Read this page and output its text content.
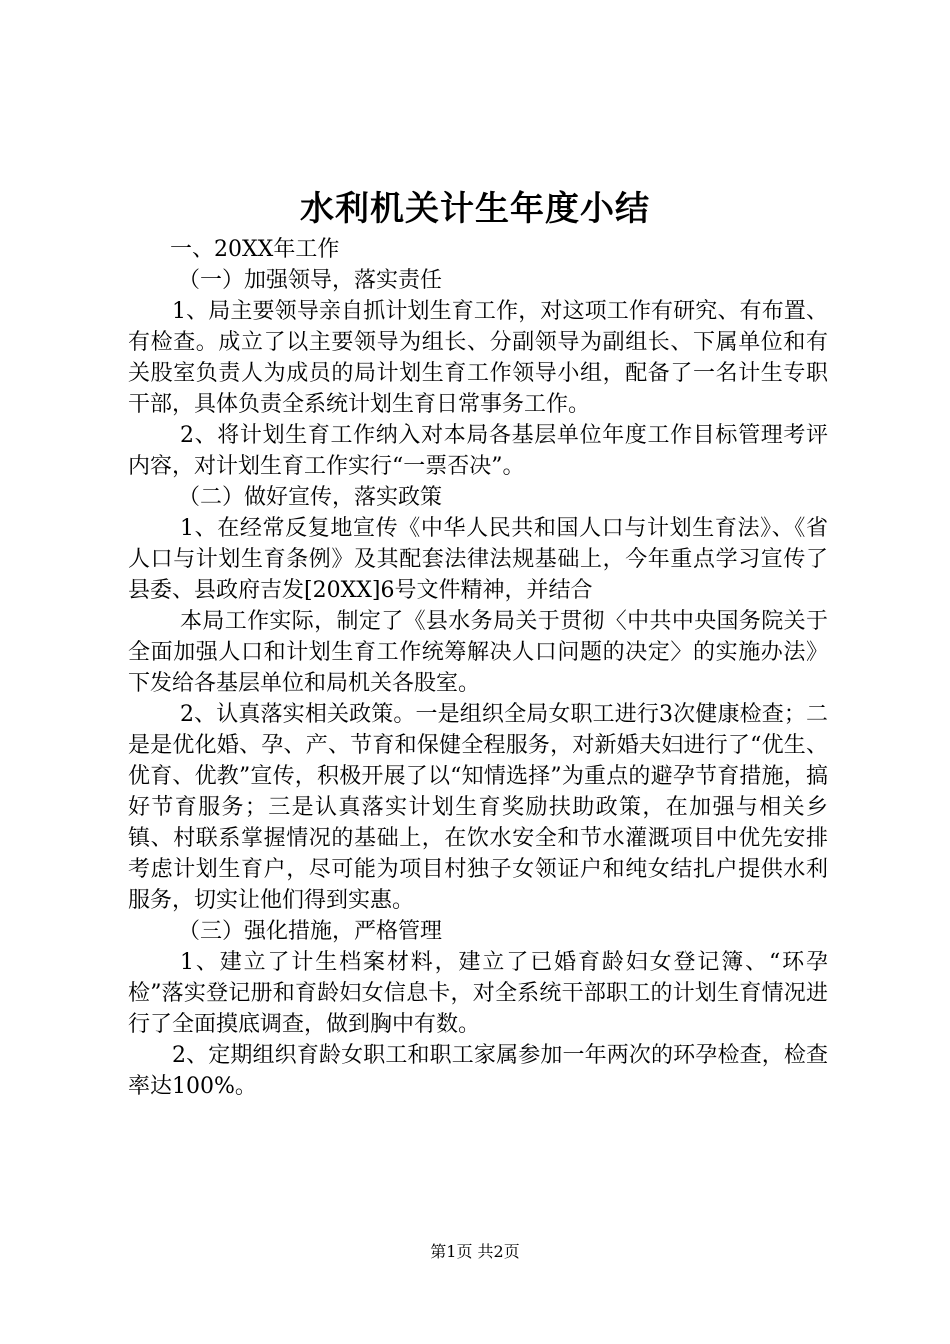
水利机关计生年度小结

一、20XX年工作

（一）加强领导，落实责任

1、局主要领导亲自抓计划生育工作，对这项工作有研究、有布置、有检查。成立了以主要领导为组长、分副领导为副组长、下属单位和有关股室负责人为成员的局计划生育工作领导小组，配备了一名计生专职干部，具体负责全系统计划生育日常事务工作。

2、将计划生育工作纳入对本局各基层单位年度工作目标管理考评内容，对计划生育工作实行“一票否决”。

（二）做好宣传，落实政策

1、在经常反复地宣传《中华人民共和国人口与计划生育法》、《省人口与计划生育条例》及其配套法律法规基础上，今年重点学习宣传了县委、县政府吉发[20XX]6号文件精神，并结合

本局工作实际，制定了《县水务局关于贯彻〈中共中央国务院关于全面加强人口和计划生育工作统筹解决人口问题的决定〉的实施办法》下发给各基层单位和局机关各股室。

2、认真落实相关政策。一是组织全局女职工进行3次健康检查；二是是优化婚、孕、产、节育和保健全程服务，对新婚夫妇进行了“优生、优育、优教”宣传，积极开展了以“知情选择”为重点的避孕节育措施，搞好节育服务；三是认真落实计划生育奖励扶助政策，在加强与相关乡镇、村联系掌握情况的基础上，在饮水安全和节水灌溉项目中优先安排考虑计划生育户，尽可能为项目村独子女领证户和纯女结扎户提供水利服务，切实让他们得到实惠。

（三）强化措施，严格管理

1、建立了计生档案材料，建立了已婚育龄妇女登记簿、“环孕检”落实登记册和育龄妇女信息卡，对全系统干部职工的计划生育情况进行了全面摸底调查，做到胸中有数。

2、定期组织育龄女职工和职工家属参加一年两次的环孕检查，检查率达100%。

第1页 共2页
